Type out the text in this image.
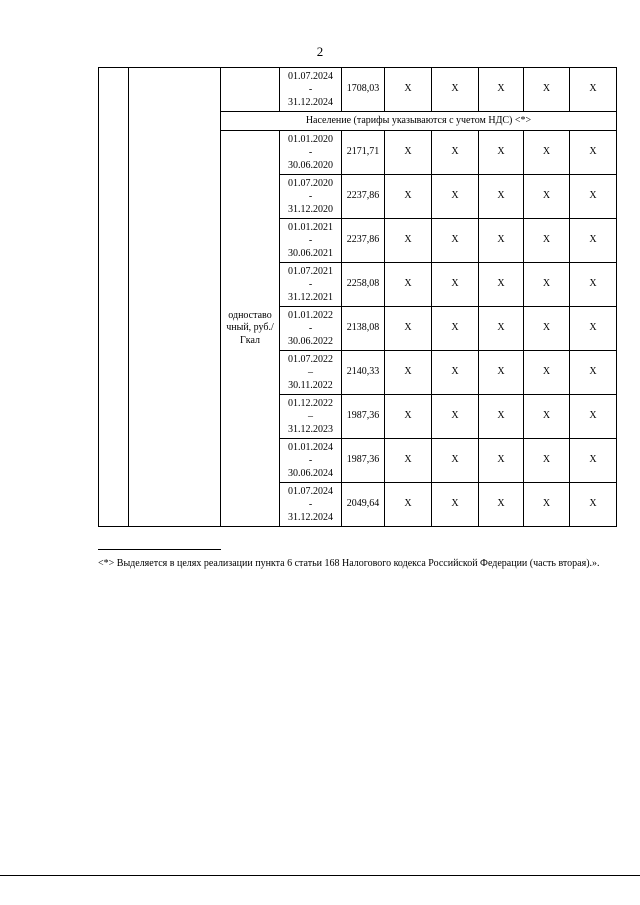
2

			01.07.2024
-
31.12.2024	1708,03	X	X	X	X	X
		Население (тарифы указываются с учетом НДС) <*>							
		одноставо чный, руб./Гкал	01.01.2020
-
30.06.2020	2171,71	X	X	X	X	X

			01.07.2020
-
31.12.2020	2237,86	X	X	X	X	X

			01.01.2021
-
30.06.2021	2237,86	X	X	X	X	X

			01.07.2021
-
31.12.2021	2258,08	X	X	X	X	X

			01.01.2022
-
30.06.2022	2138,08	X	X	X	X	X

			01.07.2022
–
30.11.2022	2140,33	X	X	X	X	X

			01.12.2022
–
31.12.2023	1987,36	X	X	X	X	X

			01.01.2024
-
30.06.2024	1987,36	X	X	X	X	X

			01.07.2024
-
31.12.2024	2049,64	X	X	X	X	X
<*> Выделяется в целях реализации пункта 6 статьи 168 Налогового кодекса Российской Федерации (часть вторая).».
